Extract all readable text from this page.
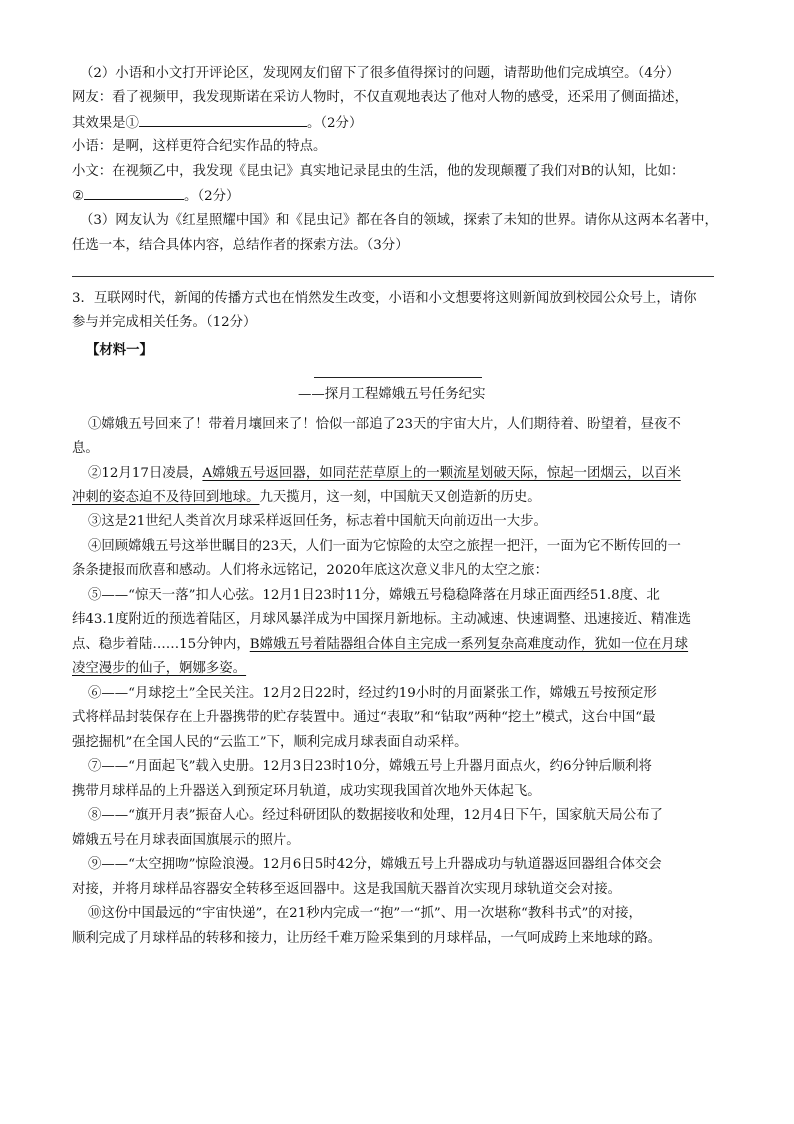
（2）小语和小文打开评论区，发现网友们留下了很多值得探讨的问题，请帮助他们完成填空。（4分）
网友：看了视频甲，我发现斯诺在采访人物时，不仅直观地表达了他对人物的感受，还采用了侧面描述，
其效果是①	。（2分）
小语：是啊，这样更符合纪实作品的特点。
小文：在视频乙中，我发现《昆虫记》真实地记录昆虫的生活，他的发现颠覆了我们对B的认知，比如：
②	。（2分）
（3）网友认为《红星照耀中国》和《昆虫记》都在各自的领域，探索了未知的世界。请你从这两本名著中，
任选一本，结合具体内容，总结作者的探索方法。（3分）
3．互联网时代，新闻的传播方式也在悄然发生改变，小语和小文想要将这则新闻放到校园公众号上，请你
参与并完成相关任务。（12分）
【材料一】
——探月工程嫦娥五号任务纪实
①嫦娥五号回来了！带着月壤回来了！恰似一部追了23天的宇宙大片，人们期待着、盼望着，昼夜不
息。
②12月17日凌晨，A嫦娥五号返回器，如同茫茫草原上的一颗流星划破天际，惊起一团烟云，以百米
冲刺的姿态迫不及待回到地球。九天揽月，这一刻，中国航天又创造新的历史。
③这是21世纪人类首次月球采样返回任务，标志着中国航天向前迈出一大步。
④回顾嫦娥五号这举世瞩目的23天，人们一面为它惊险的太空之旅捏一把汗，一面为它不断传回的一
条条捷报而欣喜和感动。人们将永远铭记，2020年底这次意义非凡的太空之旅：
⑤——“惊天一落”扣人心弦。12月1日23时11分，嫦娥五号稳稳降落在月球正面西经51.8度、北
纬43.1度附近的预选着陆区，月球风暴洋成为中国探月新地标。主动减速、快速调整、迅速接近、精准选
点、稳步着陆……15分钟内，B嫦娥五号着陆器组合体自主完成一系列复杂高难度动作，犹如一位在月球
凌空漫步的仙子，婀娜多姿。
⑥——“月球挖土”全民关注。12月2日22时，经过约19小时的月面紧张工作，嫦娥五号按预定形
式将样品封装保存在上升器携带的贮存装置中。通过“表取”和“钻取”两种“挖土”模式，这台中国“最
强挖掘机”在全国人民的“云监工”下，顺利完成月球表面自动采样。
⑦——“月面起飞”载入史册。12月3日23时10分，嫦娥五号上升器月面点火，约6分钟后顺利将
携带月球样品的上升器送入到预定环月轨道，成功实现我国首次地外天体起飞。
⑧——“旗开月表”振奋人心。经过科研团队的数据接收和处理，12月4日下午，国家航天局公布了
嫦娥五号在月球表面国旗展示的照片。
⑨——“太空拥吻”惊险浪漫。12月6日5时42分，嫦娥五号上升器成功与轨道器返回器组合体交会
对接，并将月球样品容器安全转移至返回器中。这是我国航天器首次实现月球轨道交会对接。
⑩这份中国最远的“宇宙快递”，在21秒内完成一“抱”一“抓”、用一次堪称“教科书式”的对接，
顺利完成了月球样品的转移和接力，让历经千难万险采集到的月球样品，一气呵成跨上来地球的路。
